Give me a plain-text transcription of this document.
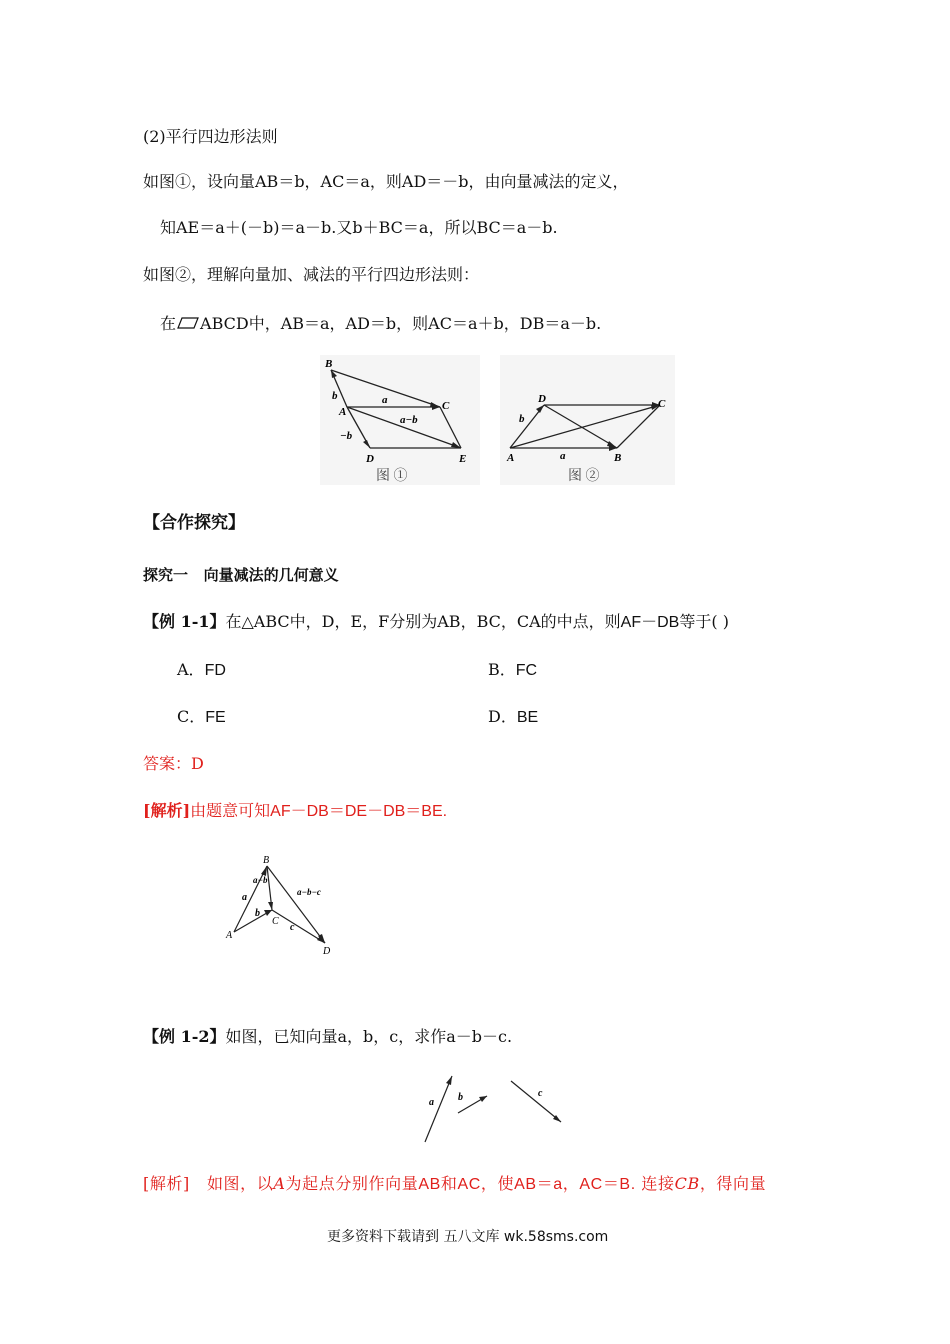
(2)平行四边形法则
如图①，设向量AB＝b，AC＝a，则AD＝－b，由向量减法的定义，
知AE＝a＋(－b)＝a－b.又b＋BC＝a，所以BC＝a－b.
如图②，理解向量加、减法的平行四边形法则：
在 ABCD中，AB＝a，AD＝b，则AC＝a＋b，DB＝a－b.
B
A	C
D	E
b	a
a−b
−b
图 ①
A	B
C
D
a
b
图 ②
【合作探究】
探究一   向量减法的几何意义
【例 1-1】在△ABC中，D，E，F分别为AB，BC，CA的中点，则AF－DB等于( )
A．FD	B．FC
C．FE	D．BE
答案：D
[解析]由题意可知AF－DB＝DE－DB＝BE.
B
A
C
D
a
a−b
b
c
a−b−c
【例 1-2】如图，已知向量a，b，c，求作a－b－c.
a b	c
[解析] 如图，以A为起点分别作向量AB和AC，使AB＝a，AC＝B. 连接CB，得向量
更多资料下载请到 五八文库 wk.58sms.com
